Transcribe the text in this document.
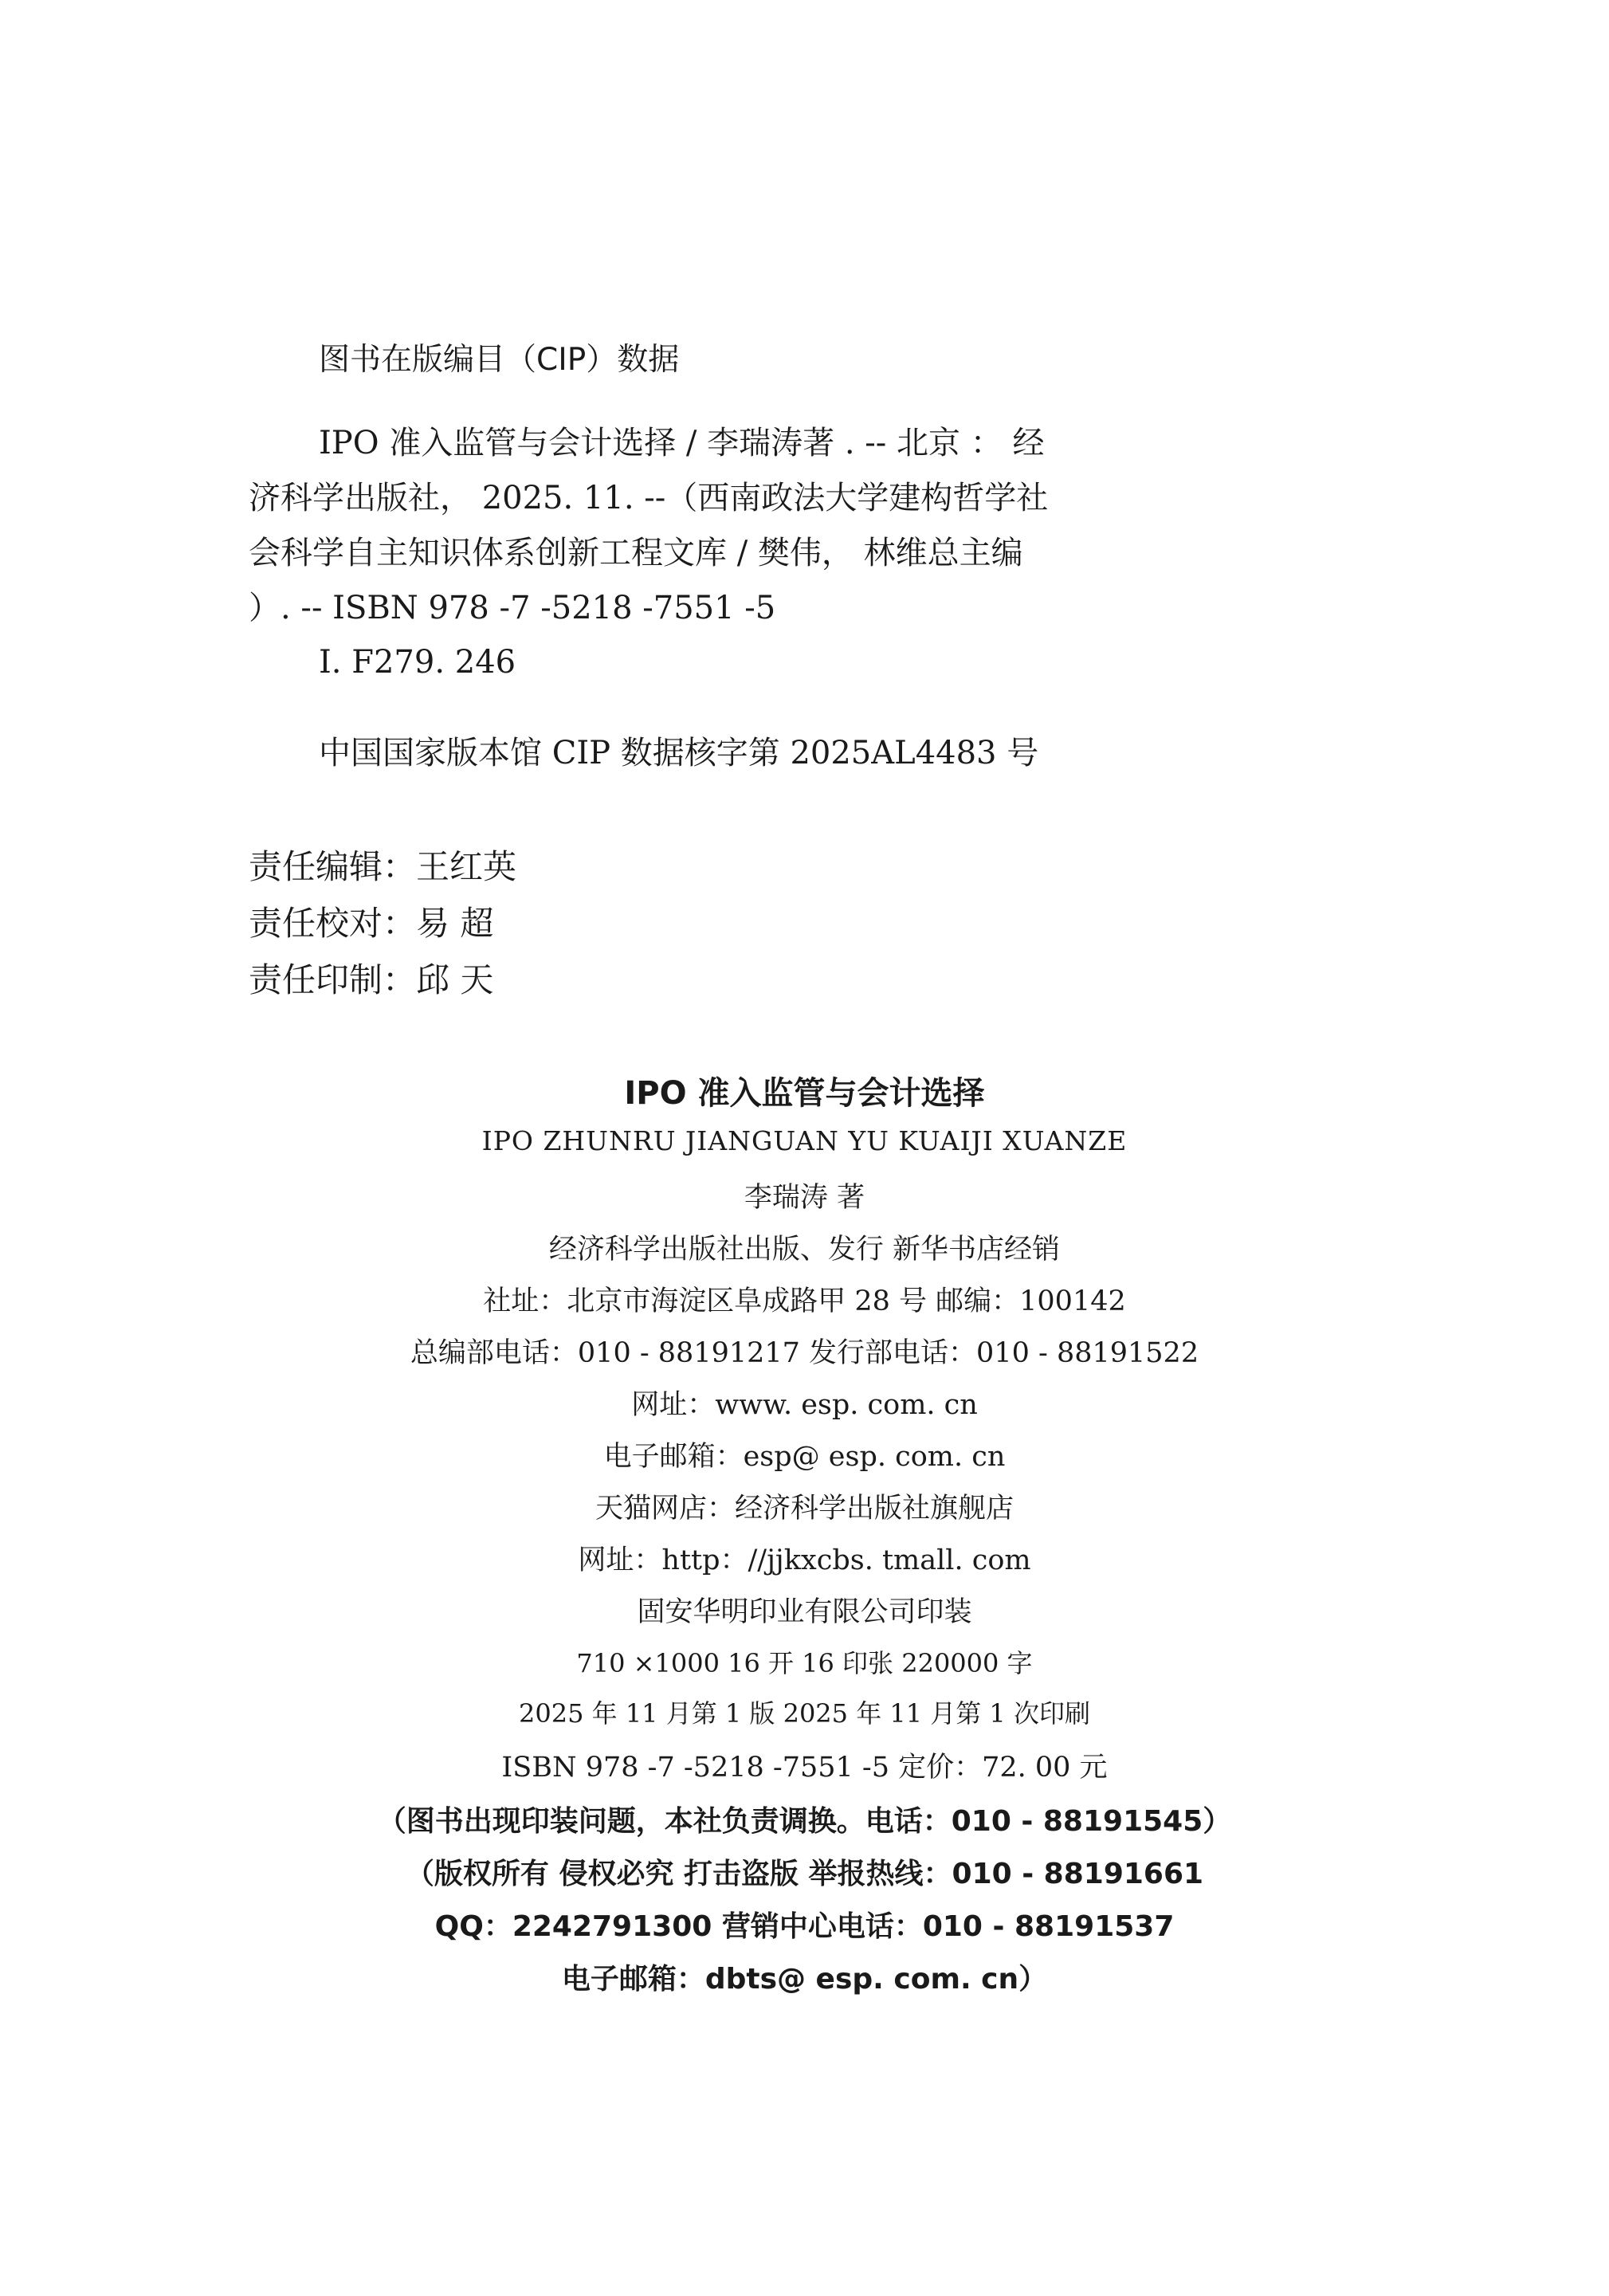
图书在版编目（CIP）数据
IPO 准入监管与会计选择 / 李瑞涛著 . -- 北京 ： 经
济科学出版社， 2025. 11. --（西南政法大学建构哲学社
会科学自主知识体系创新工程文库 / 樊伟， 林维总主编
）. -- ISBN 978 -7 -5218 -7551 -5
Ⅰ. F279. 246
中国国家版本馆 CIP 数据核字第 2025AL4483 号
责任编辑：王红英
责任校对：易 超
责任印制：邱 天
IPO 准入监管与会计选择
IPO ZHUNRU JIANGUAN YU KUAIJI XUANZE
李瑞涛 著
经济科学出版社出版、发行 新华书店经销
社址：北京市海淀区阜成路甲 28 号 邮编：100142
总编部电话：010 - 88191217 发行部电话：010 - 88191522
网址：www. esp. com. cn
电子邮箱：esp@ esp. com. cn
天猫网店：经济科学出版社旗舰店
网址：http：//jjkxcbs. tmall. com
固安华明印业有限公司印装
710 ×1000 16 开 16 印张 220000 字
2025 年 11 月第 1 版 2025 年 11 月第 1 次印刷
ISBN 978 -7 -5218 -7551 -5 定价：72. 00 元
（图书出现印装问题，本社负责调换。电话：010 - 88191545）
（版权所有 侵权必究 打击盗版 举报热线：010 - 88191661
QQ：2242791300 营销中心电话：010 - 88191537
电子邮箱：dbts@ esp. com. cn）
